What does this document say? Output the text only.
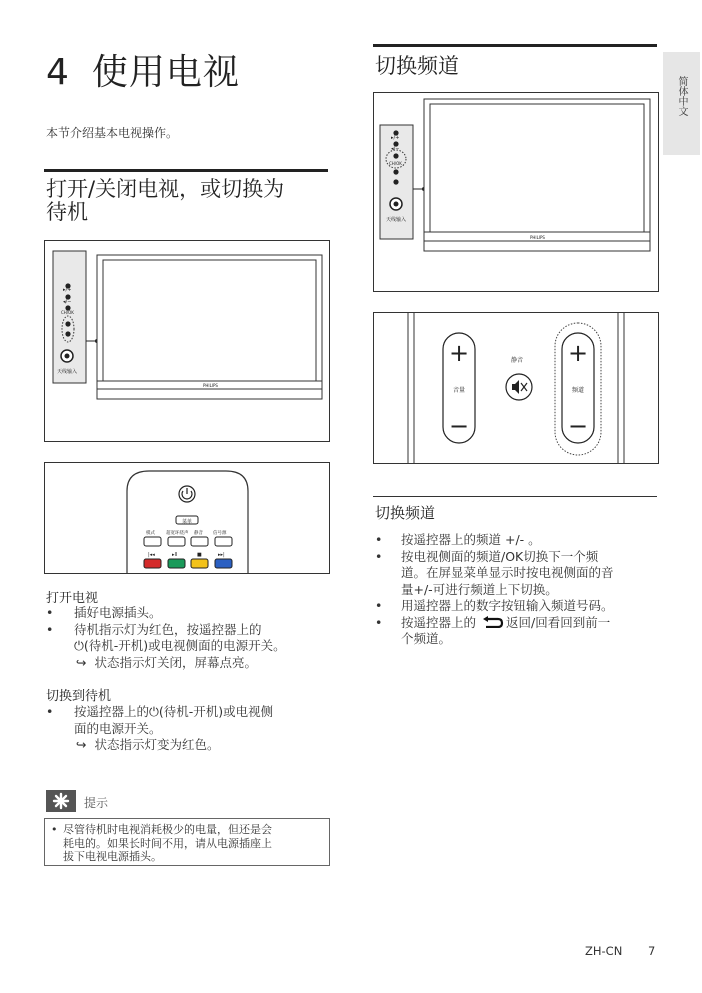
4 使用电视
本节介绍基本电视操作。
简体中文
打开/关闭电视，或切换为
待机
▸/+
◂/−
CH/OK
天线输入
PHILIPS
菜单
模式 超宽环绕声 静音 信号源
|◂◂	▸II	■	▸▸|
打开电视
• 插好电源插头。
• 待机指示灯为红色，按遥控器上的
⏻(待机-开机)或电视侧面的电源开关。
↪ 状态指示灯关闭，屏幕点亮。
切换到待机
• 按遥控器上的⏻(待机-开机)或电视侧
面的电源开关。
↪ 状态指示灯变为红色。
提示
• 尽管待机时电视消耗极少的电量，但还是会
耗电的。如果长时间不用，请从电源插座上
拔下电视电源插头。
切换频道
▸/+
◂/−
CH/OK
天线输入
PHILIPS
+
音量
−
静音 +
频道
−
切换频道
• 按遥控器上的频道 +/- 。
• 按电视侧面的频道/OK切换下一个频
道。在屏显菜单显示时按电视侧面的音
量+/-可进行频道上下切换。
• 用遥控器上的数字按钮输入频道号码。
• 按遥控器上的 返回/回看回到前一
个频道。
ZH-CN 7
